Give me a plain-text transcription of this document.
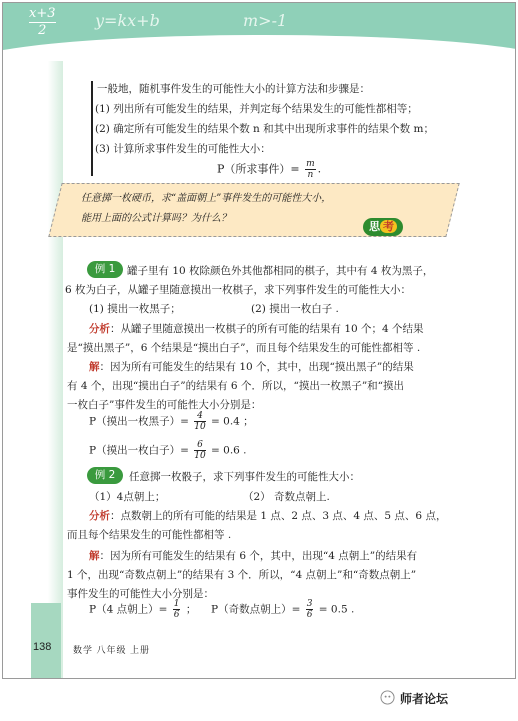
x+3
2
y=kx+b	m>-1
一般地，随机事件发生的可能性大小的计算方法和步骤是：
(1) 列出所有可能发生的结果，并判定每个结果发生的可能性都相等；
(2) 确定所有可能发生的结果个数 n 和其中出现所求事件的结果个数 m；
(3) 计算所求事件发生的可能性大小：
P（所求事件）= $\frac{m}{n}$ .
任意掷一枚硬币，求“盖面朝上”事件发生的可能性大小，
能用上面的公式计算吗？为什么？
思 考
例 1	罐子里有 10 枚除颜色外其他都相同的棋子，其中有 4 枚为黑子，
6 枚为白子，从罐子里随意摸出一枚棋子，求下列事件发生的可能性大小：
(1) 摸出一枚黑子；	(2) 摸出一枚白子 .
分析：从罐子里随意摸出一枚棋子的所有可能的结果有 10 个；4 个结果
是“摸出黑子”，6 个结果是“摸出白子”，而且每个结果发生的可能性都相等 .
解：因为所有可能发生的结果有 10 个，其中，出现“摸出黑子”的结果
有 4 个，出现“摸出白子”的结果有 6 个．所以，“摸出一枚黑子”和“摸出
一枚白子”事件发生的可能性大小分别是：
P（摸出一枚黑子）= $\frac{4}{10} = 0.4$ ；
P（摸出一枚白子）= $\frac{6}{10} = 0.6$ .
例 2	任意掷一枚骰子，求下列事件发生的可能性大小：
（1）4点朝上；	（2） 奇数点朝上.
分析：点数朝上的所有可能的结果是 1 点、2 点、3 点、4 点、5 点、6 点，
而且每个结果发生的可能性都相等 .
解：因为所有可能发生的结果有 6 个，其中，出现“4 点朝上”的结果有
1 个，出现“奇数点朝上”的结果有 3 个．所以，“4 点朝上”和“奇数点朝上”
事件发生的可能性大小分别是：
P（4 点朝上）= $\frac{1}{6}$ ； P（奇数点朝上）= $\frac{3}{6} = 0.5$ .
138 数学 八年级 上册
师者论坛
